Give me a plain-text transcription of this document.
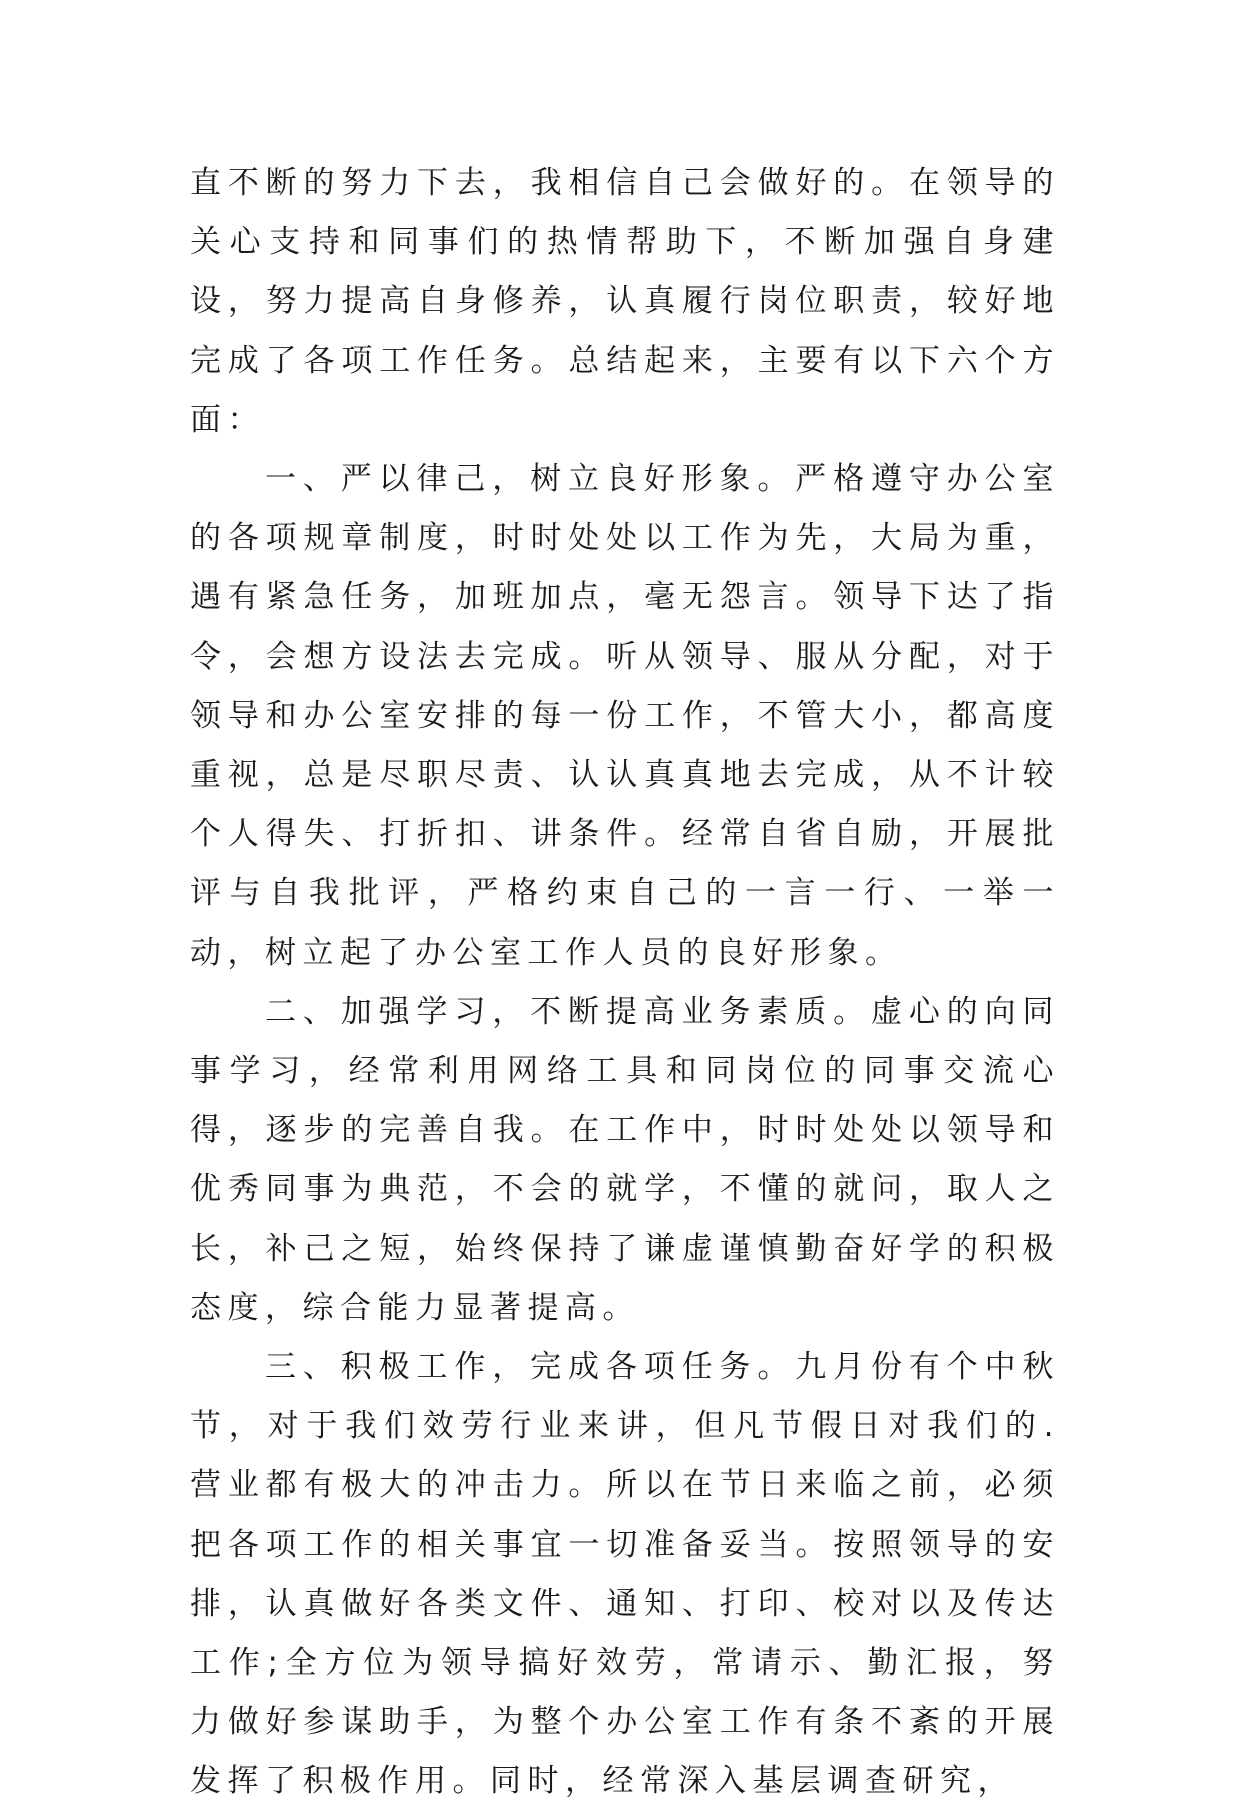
直不断的努力下去，我相信自己会做好的。在领导的关心支持和同事们的热情帮助下，不断加强自身建设，努力提高自身修养，认真履行岗位职责，较好地完成了各项工作任务。总结起来，主要有以下六个方面：

一、严以律己，树立良好形象。严格遵守办公室的各项规章制度，时时处处以工作为先，大局为重，遇有紧急任务，加班加点，毫无怨言。领导下达了指令，会想方设法去完成。听从领导、服从分配，对于领导和办公室安排的每一份工作，不管大小，都高度重视，总是尽职尽责、认认真真地去完成，从不计较个人得失、打折扣、讲条件。经常自省自励，开展批评与自我批评，严格约束自己的一言一行、一举一动，树立起了办公室工作人员的良好形象。

二、加强学习，不断提高业务素质。虚心的向同事学习，经常利用网络工具和同岗位的同事交流心得，逐步的完善自我。在工作中，时时处处以领导和优秀同事为典范，不会的就学，不懂的就问，取人之长，补己之短，始终保持了谦虚谨慎勤奋好学的积极态度，综合能力显著提高。

三、积极工作，完成各项任务。九月份有个中秋节，对于我们效劳行业来讲，但凡节假日对我们的.营业都有极大的冲击力。所以在节日来临之前，必须把各项工作的相关事宜一切准备妥当。按照领导的安排，认真做好各类文件、通知、打印、校对以及传达工作;全方位为领导搞好效劳，常请示、勤汇报，努力做好参谋助手，为整个办公室工作有条不紊的开展发挥了积极作用。同时，经常深入基层调查研究，
